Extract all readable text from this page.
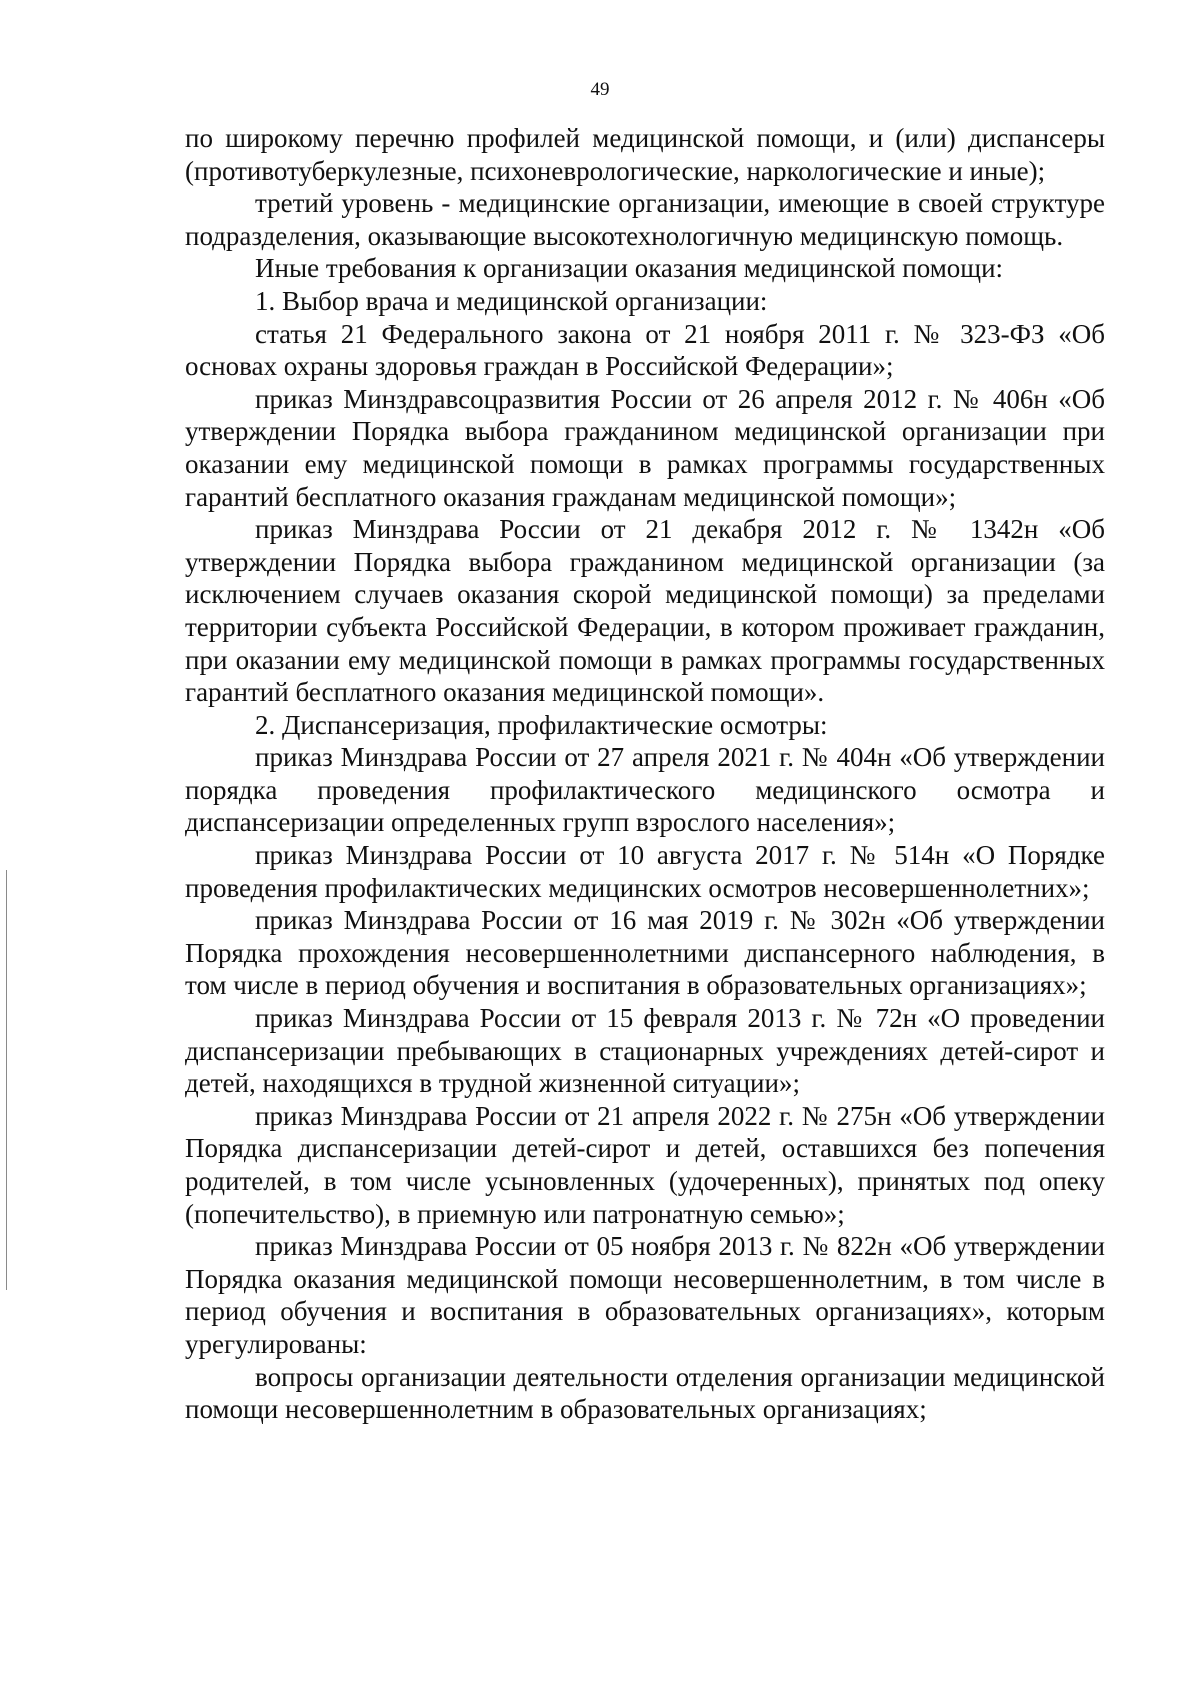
49

по широкому перечню профилей медицинской помощи, и (или) диспансеры (противотуберкулезные, психоневрологические, наркологические и иные);

третий уровень - медицинские организации, имеющие в своей структуре подразделения, оказывающие высокотехнологичную медицинскую помощь.

Иные требования к организации оказания медицинской помощи:

1. Выбор врача и медицинской организации:

статья 21 Федерального закона от 21 ноября 2011 г. № 323-ФЗ «Об основах охраны здоровья граждан в Российской Федерации»;

приказ Минздравсоцразвития России от 26 апреля 2012 г. № 406н «Об утверждении Порядка выбора гражданином медицинской организации при оказании ему медицинской помощи в рамках программы государственных гарантий бесплатного оказания гражданам медицинской помощи»;

приказ Минздрава России от 21 декабря 2012 г. № 1342н «Об утверждении Порядка выбора гражданином медицинской организации (за исключением случаев оказания скорой медицинской помощи) за пределами территории субъекта Российской Федерации, в котором проживает гражданин, при оказании ему медицинской помощи в рамках программы государственных гарантий бесплатного оказания медицинской помощи».

2. Диспансеризация, профилактические осмотры:

приказ Минздрава России от 27 апреля 2021 г. № 404н «Об утверждении порядка проведения профилактического медицинского осмотра и диспансеризации определенных групп взрослого населения»;

приказ Минздрава России от 10 августа 2017 г. № 514н «О Порядке проведения профилактических медицинских осмотров несовершеннолетних»;

приказ Минздрава России от 16 мая 2019 г. № 302н «Об утверждении Порядка прохождения несовершеннолетними диспансерного наблюдения, в том числе в период обучения и воспитания в образовательных организациях»;

приказ Минздрава России от 15 февраля 2013 г. № 72н «О проведении диспансеризации пребывающих в стационарных учреждениях детей-сирот и детей, находящихся в трудной жизненной ситуации»;

приказ Минздрава России от 21 апреля 2022 г. № 275н «Об утверждении Порядка диспансеризации детей-сирот и детей, оставшихся без попечения родителей, в том числе усыновленных (удочеренных), принятых под опеку (попечительство), в приемную или патронатную семью»;

приказ Минздрава России от 05 ноября 2013 г. № 822н «Об утверждении Порядка оказания медицинской помощи несовершеннолетним, в том числе в период обучения и воспитания в образовательных организациях», которым урегулированы:

вопросы организации деятельности отделения организации медицинской помощи несовершеннолетним в образовательных организациях;
